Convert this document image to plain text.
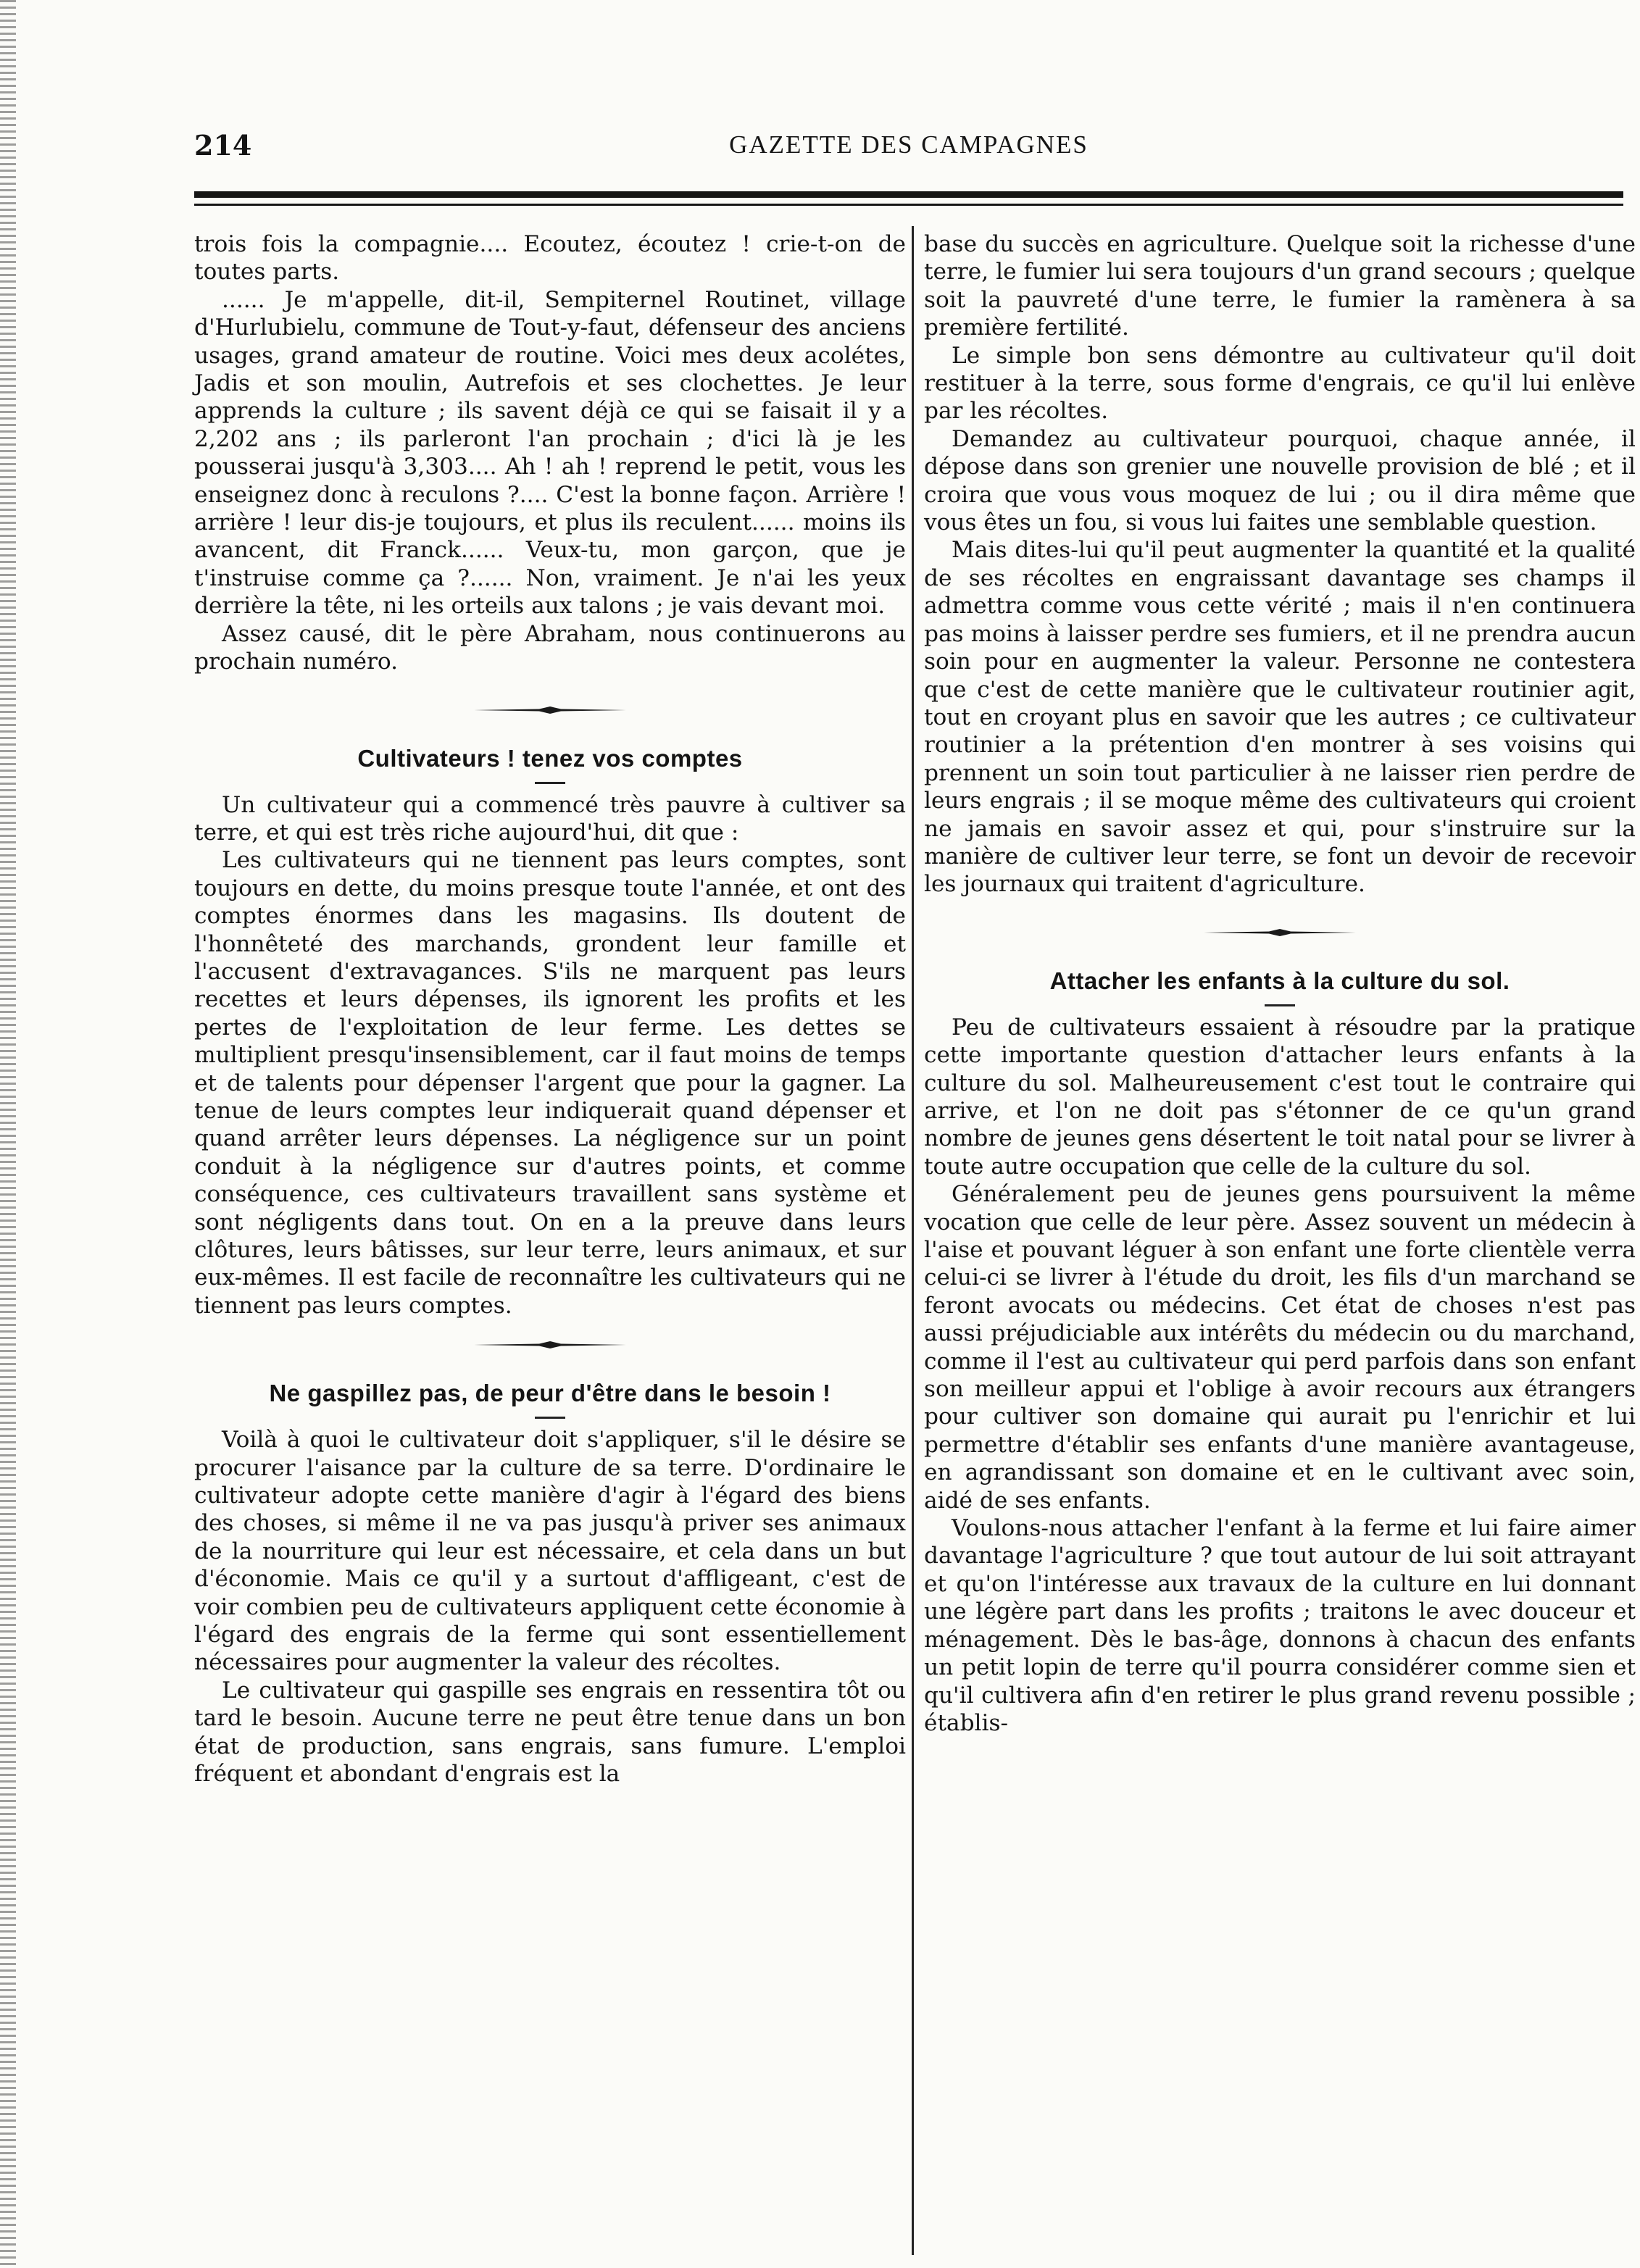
214	GAZETTE DES CAMPAGNES

trois fois la compagnie.... Ecoutez, écoutez ! crie-t-on de toutes parts.

...... Je m'appelle, dit-il, Sempiternel Routinet, village d'Hurlubielu, commune de Tout-y-faut, défenseur des anciens usages, grand amateur de routine. Voici mes deux acolétes, Jadis et son moulin, Autrefois et ses clochettes. Je leur apprends la culture ; ils savent déjà ce qui se faisait il y a 2,202 ans ; ils parleront l'an prochain ; d'ici là je les pousserai jusqu'à 3,303.... Ah ! ah ! reprend le petit, vous les enseignez donc à reculons ?.... C'est la bonne façon. Arrière ! arrière ! leur dis-je toujours, et plus ils reculent...... moins ils avancent, dit Franck...... Veux-tu, mon garçon, que je t'instruise comme ça ?...... Non, vraiment. Je n'ai les yeux derrière la tête, ni les orteils aux talons ; je vais devant moi.

Assez causé, dit le père Abraham, nous continuerons au prochain numéro.

Cultivateurs ! tenez vos comptes

Un cultivateur qui a commencé très pauvre à cultiver sa terre, et qui est très riche aujourd'hui, dit que :

Les cultivateurs qui ne tiennent pas leurs comptes, sont toujours en dette, du moins presque toute l'année, et ont des comptes énormes dans les magasins. Ils doutent de l'honnêteté des marchands, grondent leur famille et l'accusent d'extravagances. S'ils ne marquent pas leurs recettes et leurs dépenses, ils ignorent les profits et les pertes de l'exploitation de leur ferme. Les dettes se multiplient presqu'insensiblement, car il faut moins de temps et de talents pour dépenser l'argent que pour la gagner. La tenue de leurs comptes leur indiquerait quand dépenser et quand arrêter leurs dépenses. La négligence sur un point conduit à la négligence sur d'autres points, et comme conséquence, ces cultivateurs travaillent sans système et sont négligents dans tout. On en a la preuve dans leurs clôtures, leurs bâtisses, sur leur terre, leurs animaux, et sur eux-mêmes. Il est facile de reconnaître les cultivateurs qui ne tiennent pas leurs comptes.

Ne gaspillez pas, de peur d'être dans le besoin !

Voilà à quoi le cultivateur doit s'appliquer, s'il le désire se procurer l'aisance par la culture de sa terre. D'ordinaire le cultivateur adopte cette manière d'agir à l'égard des biens des choses, si même il ne va pas jusqu'à priver ses animaux de la nourriture qui leur est nécessaire, et cela dans un but d'économie. Mais ce qu'il y a surtout d'affligeant, c'est de voir combien peu de cultivateurs appliquent cette économie à l'égard des engrais de la ferme qui sont essentiellement nécessaires pour augmenter la valeur des récoltes.

Le cultivateur qui gaspille ses engrais en ressentira tôt ou tard le besoin. Aucune terre ne peut être tenue dans un bon état de production, sans engrais, sans fumure. L'emploi fréquent et abondant d'engrais est la

base du succès en agriculture. Quelque soit la richesse d'une terre, le fumier lui sera toujours d'un grand secours ; quelque soit la pauvreté d'une terre, le fumier la ramènera à sa première fertilité.

Le simple bon sens démontre au cultivateur qu'il doit restituer à la terre, sous forme d'engrais, ce qu'il lui enlève par les récoltes.

Demandez au cultivateur pourquoi, chaque année, il dépose dans son grenier une nouvelle provision de blé ; et il croira que vous vous moquez de lui ; ou il dira même que vous êtes un fou, si vous lui faites une semblable question.

Mais dites-lui qu'il peut augmenter la quantité et la qualité de ses récoltes en engraissant davantage ses champs il admettra comme vous cette vérité ; mais il n'en continuera pas moins à laisser perdre ses fumiers, et il ne prendra aucun soin pour en augmenter la valeur. Personne ne contestera que c'est de cette manière que le cultivateur routinier agit, tout en croyant plus en savoir que les autres ; ce cultivateur routinier a la prétention d'en montrer à ses voisins qui prennent un soin tout particulier à ne laisser rien perdre de leurs engrais ; il se moque même des cultivateurs qui croient ne jamais en savoir assez et qui, pour s'instruire sur la manière de cultiver leur terre, se font un devoir de recevoir les journaux qui traitent d'agriculture.

Attacher les enfants à la culture du sol.

Peu de cultivateurs essaient à résoudre par la pratique cette importante question d'attacher leurs enfants à la culture du sol. Malheureusement c'est tout le contraire qui arrive, et l'on ne doit pas s'étonner de ce qu'un grand nombre de jeunes gens désertent le toit natal pour se livrer à toute autre occupation que celle de la culture du sol.

Généralement peu de jeunes gens poursuivent la même vocation que celle de leur père. Assez souvent un médecin à l'aise et pouvant léguer à son enfant une forte clientèle verra celui-ci se livrer à l'étude du droit, les fils d'un marchand se feront avocats ou médecins. Cet état de choses n'est pas aussi préjudiciable aux intérêts du médecin ou du marchand, comme il l'est au cultivateur qui perd parfois dans son enfant son meilleur appui et l'oblige à avoir recours aux étrangers pour cultiver son domaine qui aurait pu l'enrichir et lui permettre d'établir ses enfants d'une manière avantageuse, en agrandissant son domaine et en le cultivant avec soin, aidé de ses enfants.

Voulons-nous attacher l'enfant à la ferme et lui faire aimer davantage l'agriculture ? que tout autour de lui soit attrayant et qu'on l'intéresse aux travaux de la culture en lui donnant une légère part dans les profits ; traitons le avec douceur et ménagement. Dès le bas-âge, donnons à chacun des enfants un petit lopin de terre qu'il pourra considérer comme sien et qu'il cultivera afin d'en retirer le plus grand revenu possible ; établis-
